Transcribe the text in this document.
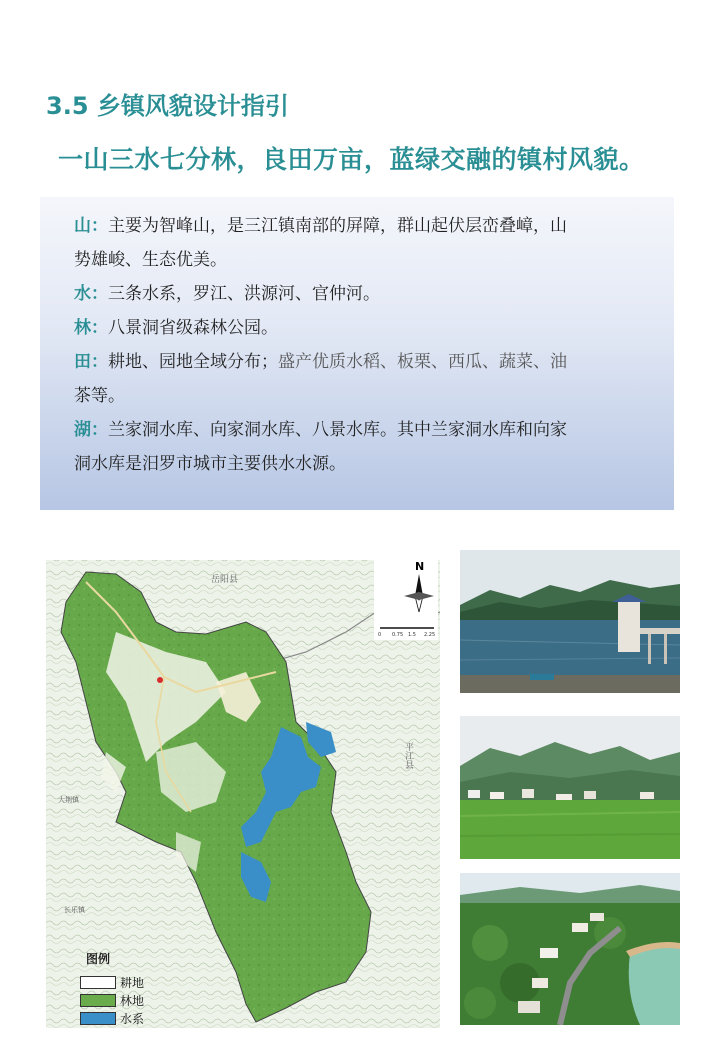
3.5 乡镇风貌设计指引
一山三水七分林，良田万亩，蓝绿交融的镇村风貌。
山：主要为智峰山，是三江镇南部的屏障，群山起伏层峦叠嶂，山
势雄峻、生态优美。
水：三条水系，罗江、洪源河、官仲河。
林：八景洞省级森林公园。
田：耕地、园地全域分布；盛产优质水稻、板栗、西瓜、蔬菜、油
茶等。
湖：兰家洞水库、向家洞水库、八景水库。其中兰家洞水库和向家
洞水库是汨罗市城市主要供水水源。
岳阳县
平江县
大荆镇
长乐镇
N
0 0.75 1.5 2.25
图例
耕地
林地
水系
